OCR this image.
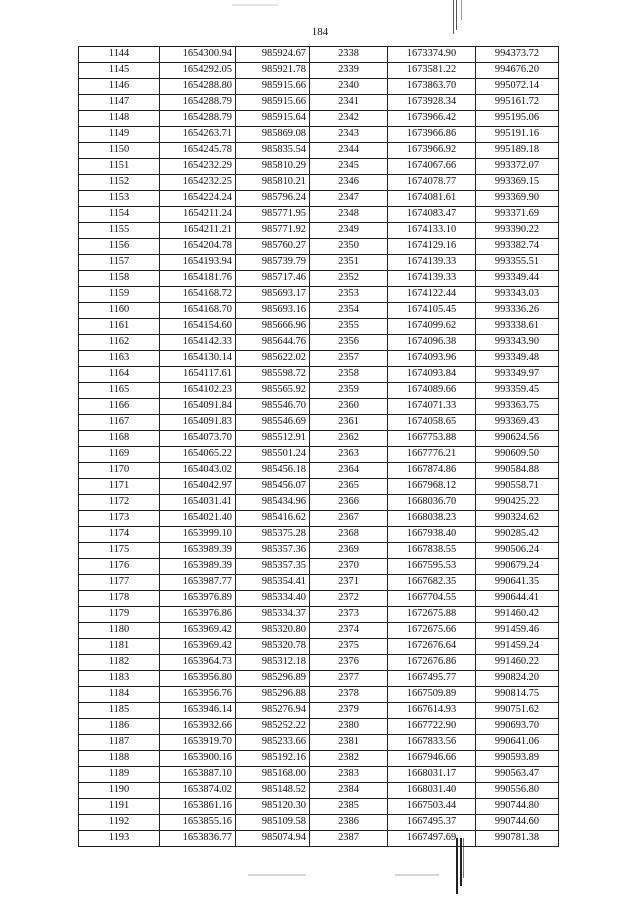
184
1144	1654300.94	985924.67	2338	1673374.90	994373.72
1145	1654292.05	985921.78	2339	1673581.22	994676.20
1146	1654288.80	985915.66	2340	1673863.70	995072.14
1147	1654288.79	985915.66	2341	1673928.34	995161.72
1148	1654288.79	985915.64	2342	1673966.42	995195.06
1149	1654263.71	985869.08	2343	1673966.86	995191.16
1150	1654245.78	985835.54	2344	1673966.92	995189.18
1151	1654232.29	985810.29	2345	1674067.66	993372.07
1152	1654232.25	985810.21	2346	1674078.77	993369.15
1153	1654224.24	985796.24	2347	1674081.61	993369.90
1154	1654211.24	985771.95	2348	1674083.47	993371.69
1155	1654211.21	985771.92	2349	1674133.10	993390.22
1156	1654204.78	985760.27	2350	1674129.16	993382.74
1157	1654193.94	985739.79	2351	1674139.33	993355.51
1158	1654181.76	985717.46	2352	1674139.33	993349.44
1159	1654168.72	985693.17	2353	1674122.44	993343.03
1160	1654168.70	985693.16	2354	1674105.45	993336.26
1161	1654154.60	985666.96	2355	1674099.62	993338.61
1162	1654142.33	985644.76	2356	1674096.38	993343.90
1163	1654130.14	985622.02	2357	1674093.96	993349.48
1164	1654117.61	985598.72	2358	1674093.84	993349.97
1165	1654102.23	985565.92	2359	1674089.66	993359.45
1166	1654091.84	985546.70	2360	1674071.33	993363.75
1167	1654091.83	985546.69	2361	1674058.65	993369.43
1168	1654073.70	985512.91	2362	1667753.88	990624.56
1169	1654065.22	985501.24	2363	1667776.21	990609.50
1170	1654043.02	985456.18	2364	1667874.86	990584.88
1171	1654042.97	985456.07	2365	1667968.12	990558.71
1172	1654031.41	985434.96	2366	1668036.70	990425.22
1173	1654021.40	985416.62	2367	1668038.23	990324.62
1174	1653999.10	985375.28	2368	1667938.40	990285.42
1175	1653989.39	985357.36	2369	1667838.55	990506.24
1176	1653989.39	985357.35	2370	1667595.53	990679.24
1177	1653987.77	985354.41	2371	1667682.35	990641.35
1178	1653976.89	985334.40	2372	1667704.55	990644.41
1179	1653976.86	985334.37	2373	1672675.88	991460.42
1180	1653969.42	985320.80	2374	1672675.66	991459.46
1181	1653969.42	985320.78	2375	1672676.64	991459.24
1182	1653964.73	985312.18	2376	1672676.86	991460.22
1183	1653956.80	985296.89	2377	1667495.77	990824.20
1184	1653956.76	985296.88	2378	1667509.89	990814.75
1185	1653946.14	985276.94	2379	1667614.93	990751.62
1186	1653932.66	985252.22	2380	1667722.90	990693.70
1187	1653919.70	985233.66	2381	1667833.56	990641.06
1188	1653900.16	985192.16	2382	1667946.66	990593.89
1189	1653887.10	985168.00	2383	1668031.17	990563.47
1190	1653874.02	985148.52	2384	1668031.40	990556.80
1191	1653861.16	985120.30	2385	1667503.44	990744.80
1192	1653855.16	985109.58	2386	1667495.37	990744.60
1193	1653836.77	985074.94	2387	1667497.69	990781.38
